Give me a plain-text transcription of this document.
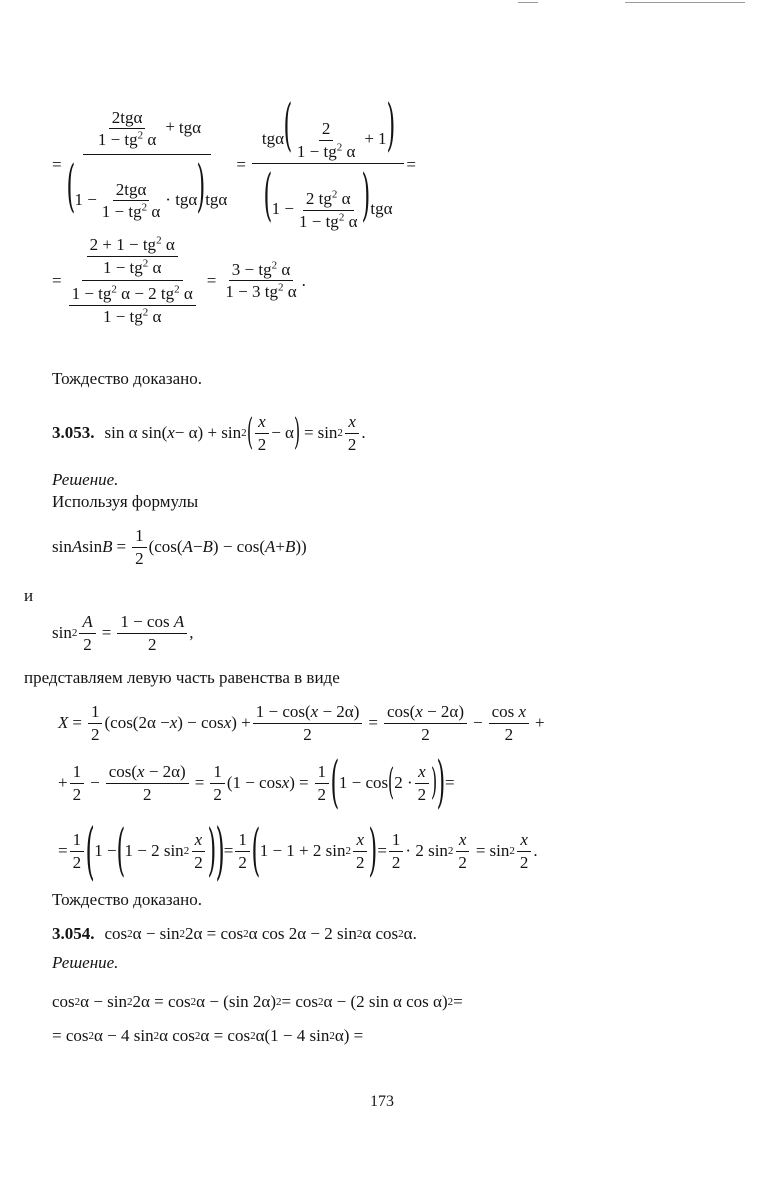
= $\frac{\frac{\text{2tgα}}{1 - tg^2 \alpha} + tg\alpha}{(1 - \frac{\text{2tgα}}{1 - tg^2 \alpha} \cdot tg\alpha)tg\alpha} = \frac{tg\alpha( \frac{2}{1 - tg^2 \alpha} + 1)}{(1 - \frac{2 tg^2 \alpha}{1 - tg^2 \alpha} )tg\alpha}$ =
= $\frac{\frac{2 + 1 - tg^2 \alpha}{1 - tg^2 \alpha}}{\frac{1 - tg^2 \alpha - 2 tg^2 \alpha}{1 - tg^2 \alpha}} = \frac{3 - tg^2 \alpha}{1 - 3 tg^2 \alpha}$ .
Тождество доказано.
3.053. sin α sin( x − α) + sin 2 ( $\frac{x}{2} - \alpha$ ) = $\sin 2 \frac{x}{2}$ .
Решение.
Используя формулы
sin A $\sin B = \frac{1}{2} (\cos$( A − B ) − cos( A + B ))
и
$\sin 2 \frac{A}{2} = \frac{\text{1 − cos A}}{2}$ ,
представляем левую часть равенства в виде
$X = \frac{1}{2} (\cos(2\alpha - x$ ) − cos x ) + $\frac{1 - \cos(x - 2\alpha)}{2} = \frac{\cos(x - 2\alpha)}{2} - \frac{\text{cos x}}{2}$ +
+ $\frac{1}{2} - \frac{\cos(x - 2\alpha)}{2} = \frac{1}{2} (1 - \cos x$ ) = $\frac{1}{2}$ ( 1 − cos ( $2 \cdot \frac{x}{2}$ ) ) =
= $\frac{1}{2}$ ( 1 − ( 1 − 2 $\sin 2 \frac{x}{2}$ ) ) = $\frac{1}{2}$ ( 1 − 1 + 2 $\sin 2 \frac{x}{2}$ ) = $\frac{1}{2} \cdot 2$ $\sin 2 \frac{x}{2} = \sin 2 \frac{x}{2}$ .
Тождество доказано.
3.054. cos 2 α − sin 2 2α = cos 2 α cos 2α − 2 sin 2 α cos 2 α.
Решение.
cos 2 α − sin 2 2α = cos 2 α − (sin 2α) 2 = cos 2 α − (2 sin α cos α) 2 =
= cos 2 α − 4 sin 2 α cos 2 α = cos 2 α(1 − 4 sin 2 α) =
173
